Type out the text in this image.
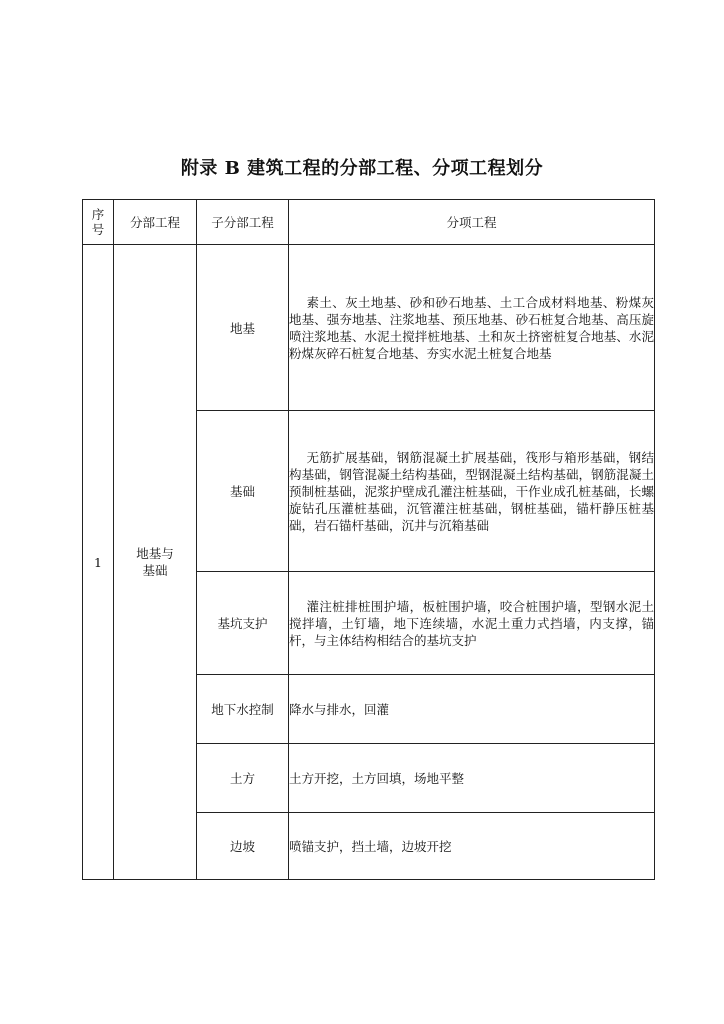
附录 B 建筑工程的分部工程、分项工程划分
序号	分部工程	子分部工程	分项工程
1	地基与基础	地基	素土、灰土地基、砂和砂石地基、土工合成材料地基、粉煤灰地基、强夯地基、注浆地基、预压地基、砂石桩复合地基、高压旋喷注浆地基、水泥土搅拌桩地基、土和灰土挤密桩复合地基、水泥粉煤灰碎石桩复合地基、夯实水泥土桩复合地基
		基础	无筋扩展基础，钢筋混凝土扩展基础，筏形与箱形基础，钢结构基础，钢管混凝土结构基础，型钢混凝土结构基础，钢筋混凝土预制桩基础，泥浆护壁成孔灌注桩基础，干作业成孔桩基础，长螺旋钻孔压灌桩基础，沉管灌注桩基础，钢桩基础，锚杆静压桩基础，岩石锚杆基础，沉井与沉箱基础
		基坑支护	灌注桩排桩围护墙，板桩围护墙，咬合桩围护墙，型钢水泥土搅拌墙，土钉墙，地下连续墙，水泥土重力式挡墙，内支撑，锚杆，与主体结构相结合的基坑支护
		地下水控制	降水与排水，回灌
		土方	土方开挖，土方回填，场地平整
		边坡	喷锚支护，挡土墙，边坡开挖
